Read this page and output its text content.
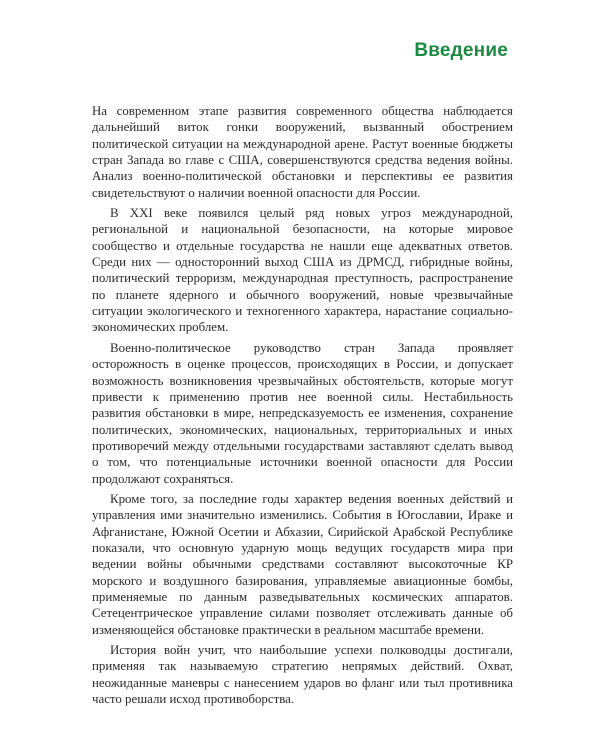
Введение

На современном этапе развития современного общества наблюдается дальнейший виток гонки вооружений, вызванный обострением политической ситуации на международной арене. Растут военные бюджеты стран Запада во главе с США, совершенствуются средства ведения войны. Анализ военно-политической обстановки и перспективы ее развития свидетельствуют о наличии военной опасности для России.

В XXI веке появился целый ряд новых угроз международной, региональной и национальной безопасности, на которые мировое сообщество и отдельные государства не нашли еще адекватных ответов. Среди них — односторонний выход США из ДРМСД, гибридные войны, политический терроризм, международная преступность, распространение по планете ядерного и обычного вооружений, новые чрезвычайные ситуации экологического и техногенного характера, нарастание социально-экономических проблем.

Военно-политическое руководство стран Запада проявляет осторожность в оценке процессов, происходящих в России, и допускает возможность возникновения чрезвычайных обстоятельств, которые могут привести к применению против нее военной силы. Нестабильность развития обстановки в мире, непредсказуемость ее изменения, сохранение политических, экономических, национальных, территориальных и иных противоречий между отдельными государствами заставляют сделать вывод о том, что потенциальные источники военной опасности для России продолжают сохраняться.

Кроме того, за последние годы характер ведения военных действий и управления ими значительно изменились. События в Югославии, Ираке и Афганистане, Южной Осетии и Абхазии, Сирийской Арабской Республике показали, что основную ударную мощь ведущих государств мира при ведении войны обычными средствами составляют высокоточные КР морского и воздушного базирования, управляемые авиационные бомбы, применяемые по данным разведывательных космических аппаратов. Сетецентрическое управление силами позволяет отслеживать данные об изменяющейся обстановке практически в реальном масштабе времени.

История войн учит, что наибольшие успехи полководцы достигали, применяя так называемую стратегию непрямых действий. Охват, неожиданные маневры с нанесением ударов во фланг или тыл противника часто решали исход противоборства.
